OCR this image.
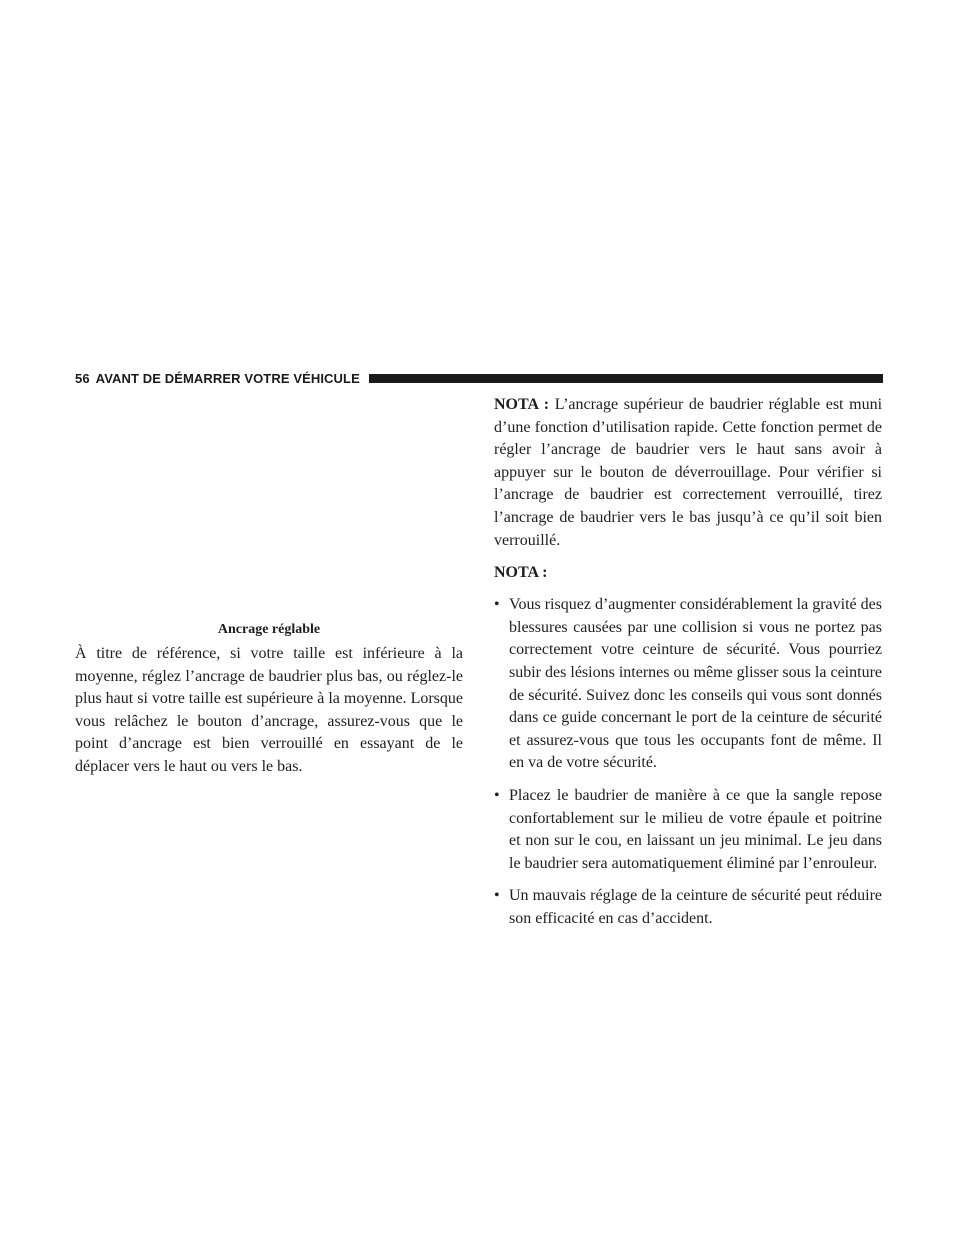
56 AVANT DE DÉMARRER VOTRE VÉHICULE
Ancrage réglable

À titre de référence, si votre taille est inférieure à la moyenne, réglez l’ancrage de baudrier plus bas, ou réglez-le plus haut si votre taille est supérieure à la moyenne. Lorsque vous relâchez le bouton d’ancrage, assurez-vous que le point d’ancrage est bien verrouillé en essayant de le déplacer vers le haut ou vers le bas.

NOTA : L’ancrage supérieur de baudrier réglable est muni d’une fonction d’utilisation rapide. Cette fonction permet de régler l’ancrage de baudrier vers le haut sans avoir à appuyer sur le bouton de déverrouillage. Pour vérifier si l’ancrage de baudrier est correctement verrouillé, tirez l’ancrage de baudrier vers le bas jusqu’à ce qu’il soit bien verrouillé.

NOTA :
• Vous risquez d’augmenter considérablement la gravité des blessures causées par une collision si vous ne portez pas correctement votre ceinture de sécurité. Vous pourriez subir des lésions internes ou même glisser sous la ceinture de sécurité. Suivez donc les conseils qui vous sont donnés dans ce guide concernant le port de la ceinture de sécurité et assurez-vous que tous les occupants font de même. Il en va de votre sécurité.
• Placez le baudrier de manière à ce que la sangle repose confortablement sur le milieu de votre épaule et poitrine et non sur le cou, en laissant un jeu minimal. Le jeu dans le baudrier sera automatiquement éliminé par l’enrouleur.
• Un mauvais réglage de la ceinture de sécurité peut réduire son efficacité en cas d’accident.
